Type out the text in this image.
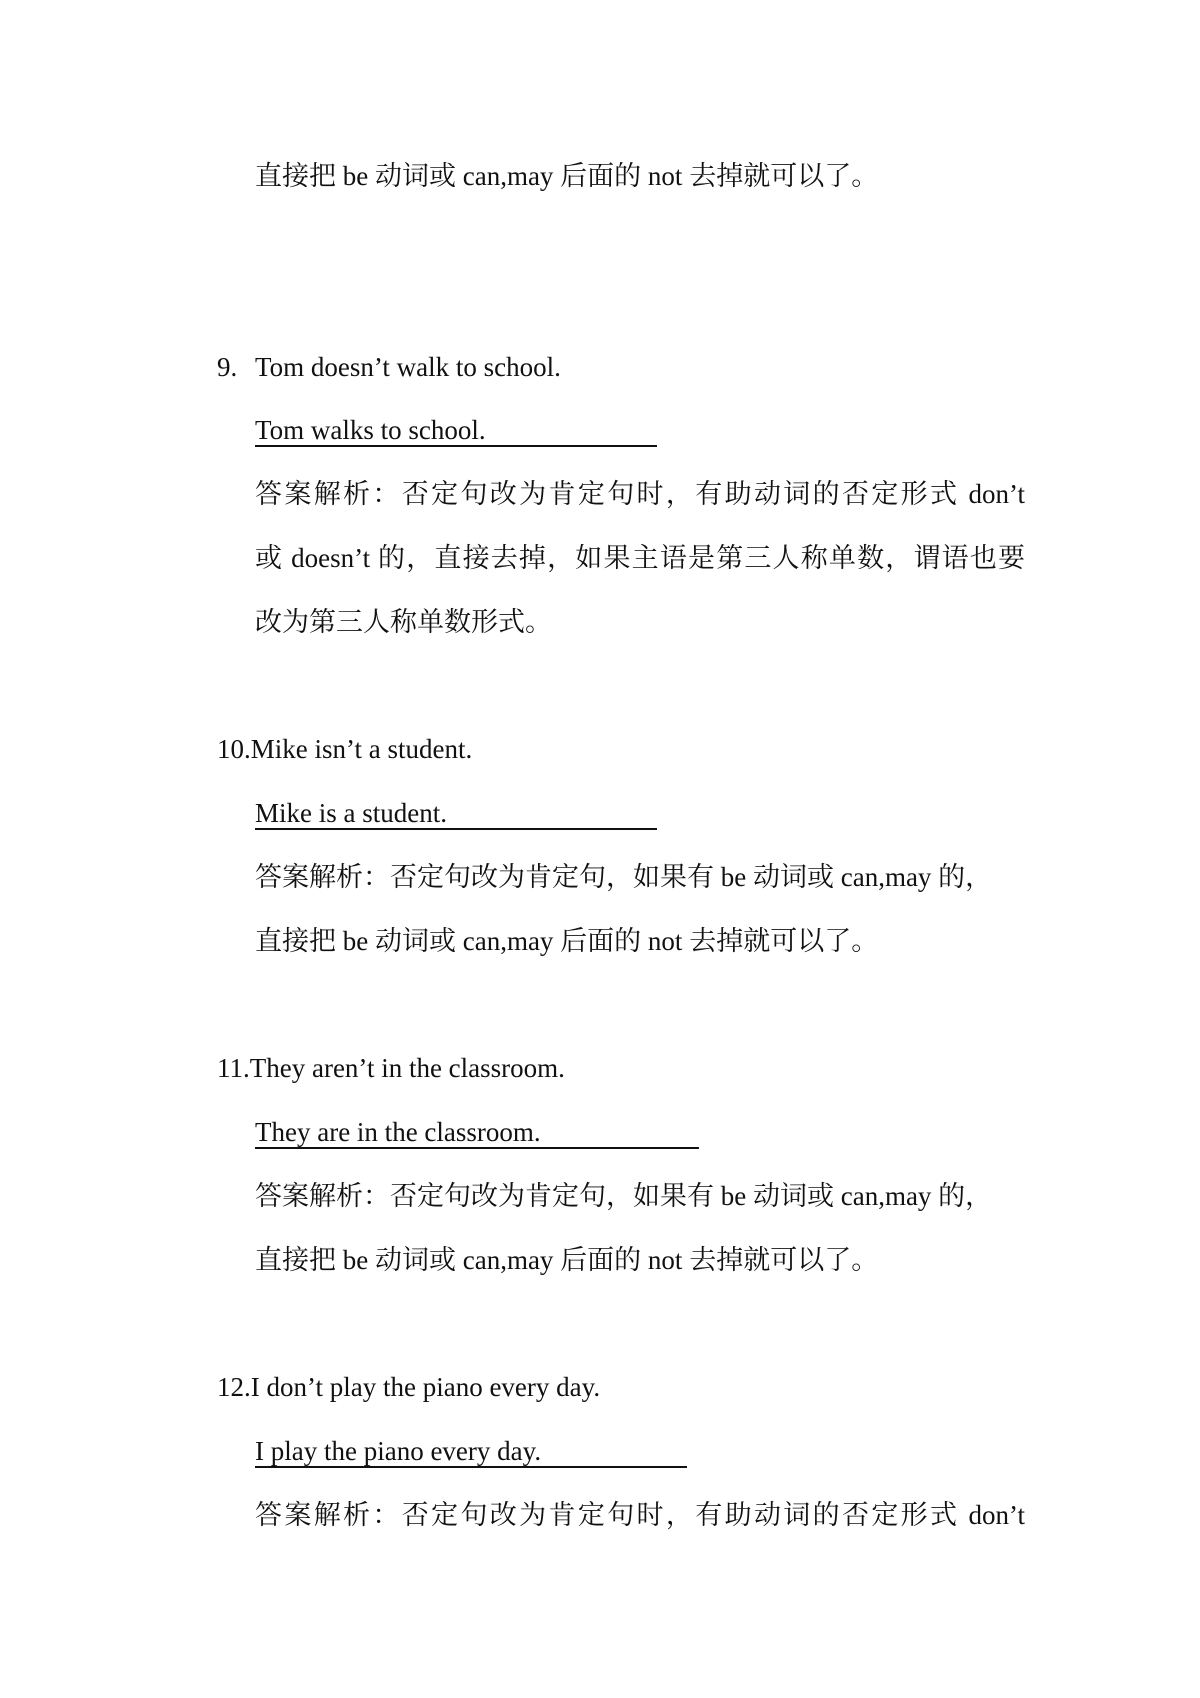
直接把 be 动词或 can,may 后面的 not 去掉就可以了。
9. Tom doesn’t walk to school.
Tom walks to school.
答案解析：否定句改为肯定句时，有助动词的否定形式 don’t
或 doesn’t 的，直接去掉，如果主语是第三人称单数，谓语也要
改为第三人称单数形式。
10.Mike isn’t a student.
Mike is a student.
答案解析：否定句改为肯定句，如果有 be 动词或 can,may 的，
直接把 be 动词或 can,may 后面的 not 去掉就可以了。
11.They aren’t in the classroom.
They are in the classroom.
答案解析：否定句改为肯定句，如果有 be 动词或 can,may 的，
直接把 be 动词或 can,may 后面的 not 去掉就可以了。
12.I don’t play the piano every day.
I play the piano every day.
答案解析：否定句改为肯定句时，有助动词的否定形式 don’t
